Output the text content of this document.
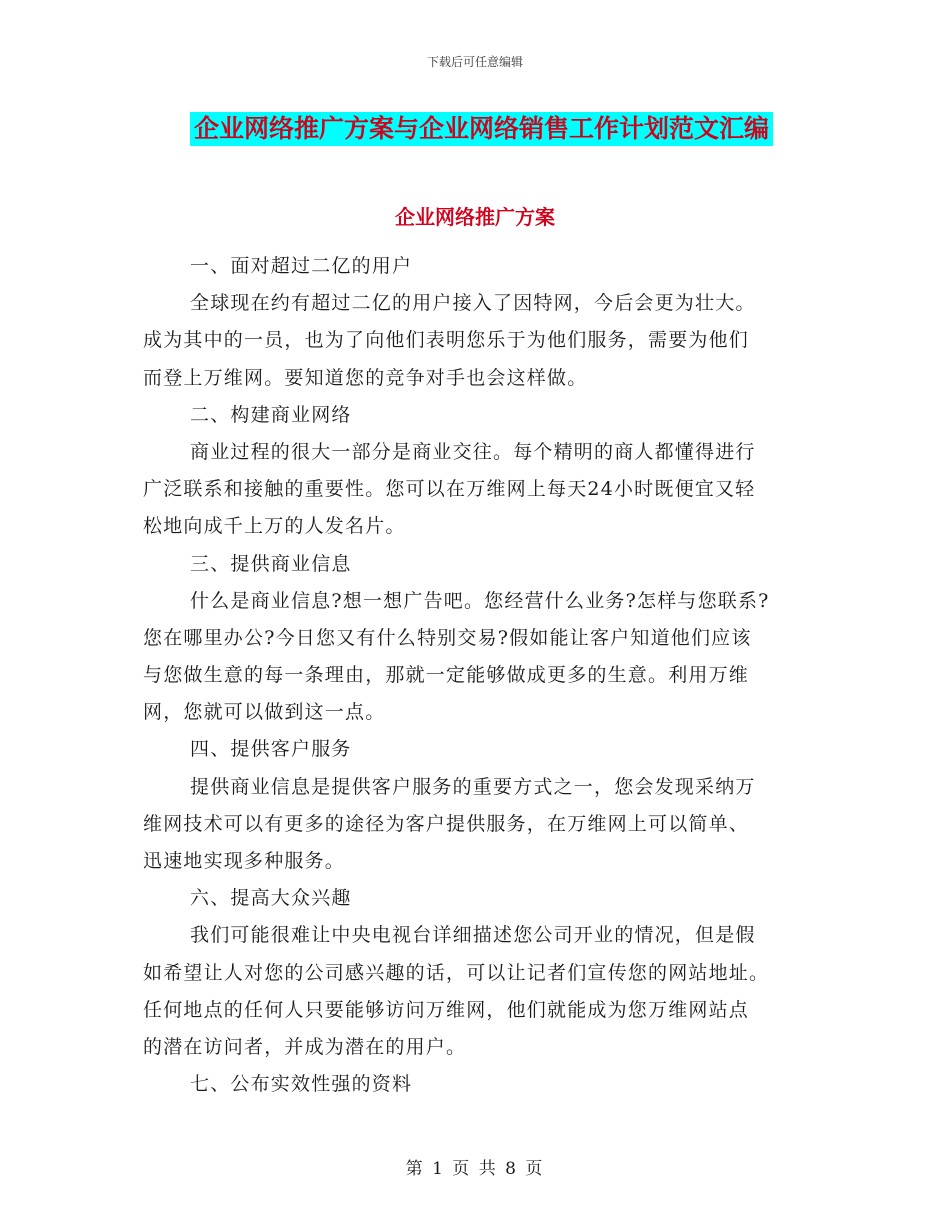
下载后可任意编辑
企业网络推广方案与企业网络销售工作计划范文汇编
企业网络推广方案
一、面对超过二亿的用户
全球现在约有超过二亿的用户接入了因特网，今后会更为壮大。
成为其中的一员，也为了向他们表明您乐于为他们服务，需要为他们
而登上万维网。要知道您的竞争对手也会这样做。
二、构建商业网络
商业过程的很大一部分是商业交往。每个精明的商人都懂得进行
广泛联系和接触的重要性。您可以在万维网上每天24小时既便宜又轻
松地向成千上万的人发名片。
三、提供商业信息
什么是商业信息?想一想广告吧。您经营什么业务?怎样与您联系?
您在哪里办公?今日您又有什么特别交易?假如能让客户知道他们应该
与您做生意的每一条理由，那就一定能够做成更多的生意。利用万维
网，您就可以做到这一点。
四、提供客户服务
提供商业信息是提供客户服务的重要方式之一，您会发现采纳万
维网技术可以有更多的途径为客户提供服务，在万维网上可以简单、
迅速地实现多种服务。
六、提高大众兴趣
我们可能很难让中央电视台详细描述您公司开业的情况，但是假
如希望让人对您的公司感兴趣的话，可以让记者们宣传您的网站地址。
任何地点的任何人只要能够访问万维网，他们就能成为您万维网站点
的潜在访问者，并成为潜在的用户。
七、公布实效性强的资料
第 1 页 共 8 页
